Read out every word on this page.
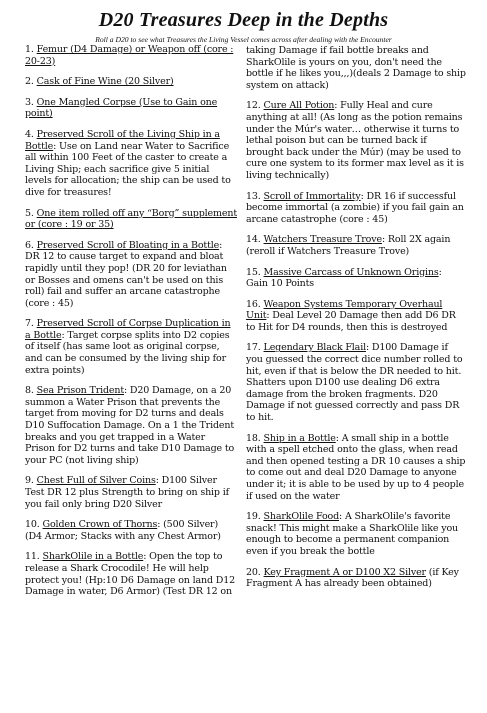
D20 Treasures Deep in the Depths
Roll a D20 to see what Treasures the Living Vessel comes across after dealing with the Encounter
1. Femur (D4 Damage) or Weapon off (core : 20-23)
2. Cask of Fine Wine (20 Silver)
3. One Mangled Corpse (Use to Gain one point)
4. Preserved Scroll of the Living Ship in a Bottle: Use on Land near Water to Sacrifice all within 100 Feet of the caster to create a Living Ship; each sacrifice give 5 initial levels for allocation; the ship can be used to dive for treasures!
5. One item rolled off any “Borg” supplement or (core : 19 or 35)
6. Preserved Scroll of Bloating in a Bottle: DR 12 to cause target to expand and bloat rapidly until they pop! (DR 20 for leviathan or Bosses and omens can't be used on this roll) fail and suffer an arcane catastrophe (core : 45)
7. Preserved Scroll of Corpse Duplication in a Bottle: Target corpse splits into D2 copies of itself (has same loot as original corpse, and can be consumed by the living ship for extra points)
8. Sea Prison Trident: D20 Damage, on a 20 summon a Water Prison that prevents the target from moving for D2 turns and deals D10 Suffocation Damage. On a 1 the Trident breaks and you get trapped in a Water Prison for D2 turns and take D10 Damage to your PC (not living ship)
9. Chest Full of Silver Coins: D100 Silver Test DR 12 plus Strength to bring on ship if you fail only bring D20 Silver
10. Golden Crown of Thorns: (500 Silver) (D4 Armor; Stacks with any Chest Armor)
11. SharkOlile in a Bottle: Open the top to release a Shark Crocodile! He will help protect you! (Hp:10 D6 Damage on land D12 Damage in water, D6 Armor) (Test DR 12 on
taking Damage if fail bottle breaks and SharkOlile is yours on you, don't need the bottle if he likes you,,,)(deals 2 Damage to ship system on attack)
12. Cure All Potion: Fully Heal and cure anything at all! (As long as the potion remains under the Múr's water… otherwise it turns to lethal poison but can be turned back if brought back under the Múr) (may be used to cure one system to its former max level as it is living technically)
13. Scroll of Immortality: DR 16 if successful become immortal (a zombie) if you fail gain an arcane catastrophe (core : 45)
14. Watchers Treasure Trove: Roll 2X again (reroll if Watchers Treasure Trove)
15. Massive Carcass of Unknown Origins: Gain 10 Points
16. Weapon Systems Temporary Overhaul Unit: Deal Level 20 Damage then add D6 DR to Hit for D4 rounds, then this is destroyed
17. Legendary Black Flail: D100 Damage if you guessed the correct dice number rolled to hit, even if that is below the DR needed to hit. Shatters upon D100 use dealing D6 extra damage from the broken fragments. D20 Damage if not guessed correctly and pass DR to hit.
18. Ship in a Bottle: A small ship in a bottle with a spell etched onto the glass, when read and then opened testing a DR 10 causes a ship to come out and deal D20 Damage to anyone under it; it is able to be used by up to 4 people if used on the water
19. SharkOlile Food: A SharkOlile's favorite snack! This might make a SharkOlile like you enough to become a permanent companion even if you break the bottle
20. Key Fragment A or D100 X2 Silver (if Key Fragment A has already been obtained)
